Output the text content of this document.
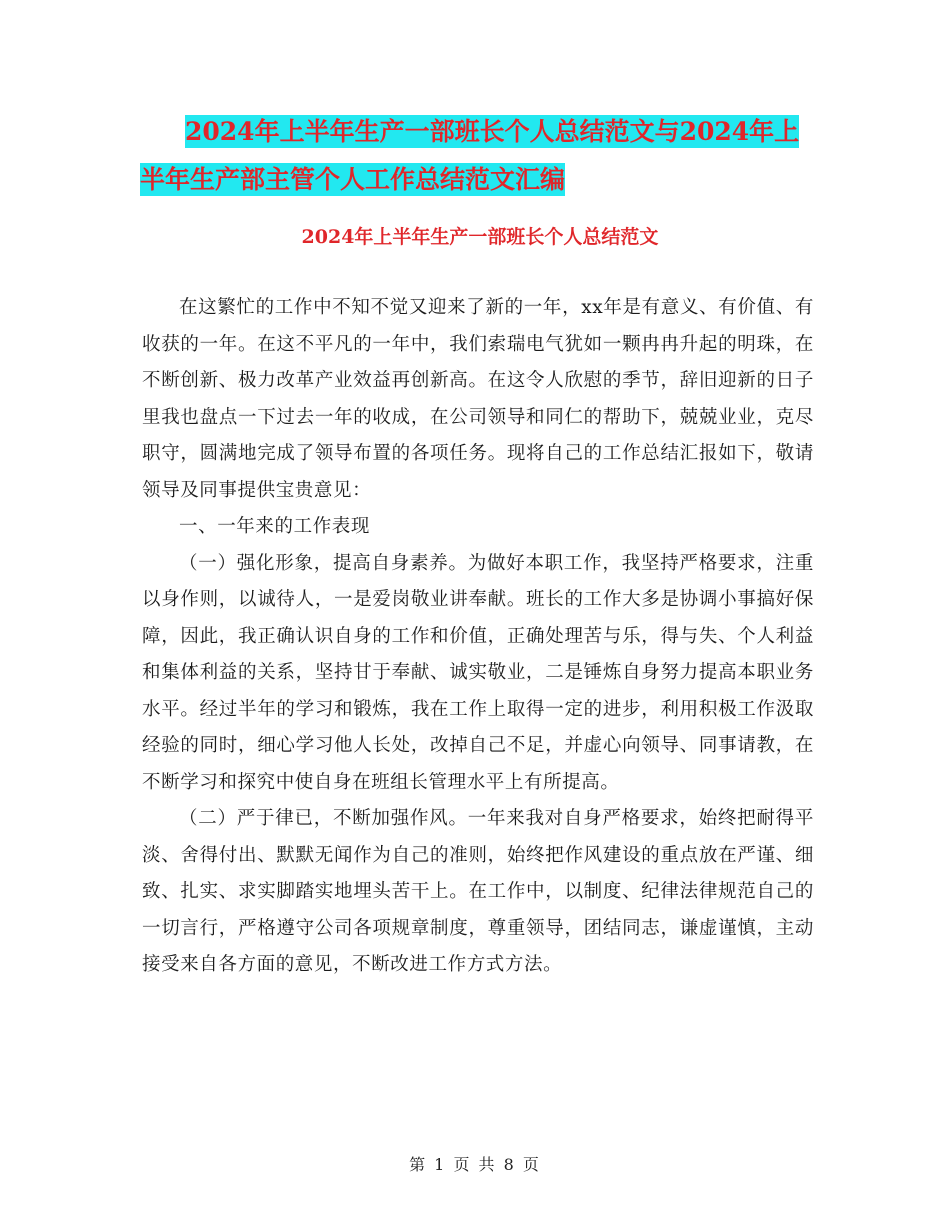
2024年上半年生产一部班长个人总结范文与2024年上
半年生产部主管个人工作总结范文汇编
2024年上半年生产一部班长个人总结范文

在这繁忙的工作中不知不觉又迎来了新的一年，xx年是有意义、有价值、有收获的一年。在这不平凡的一年中，我们索瑞电气犹如一颗冉冉升起的明珠，在不断创新、极力改革产业效益再创新高。在这令人欣慰的季节，辞旧迎新的日子里我也盘点一下过去一年的收成，在公司领导和同仁的帮助下，兢兢业业，克尽职守，圆满地完成了领导布置的各项任务。现将自己的工作总结汇报如下，敬请领导及同事提供宝贵意见：

一、一年来的工作表现

（一）强化形象，提高自身素养。为做好本职工作，我坚持严格要求，注重以身作则，以诚待人，一是爱岗敬业讲奉献。班长的工作大多是协调小事搞好保障，因此，我正确认识自身的工作和价值，正确处理苦与乐，得与失、个人利益和集体利益的关系，坚持甘于奉献、诚实敬业，二是锤炼自身努力提高本职业务水平。经过半年的学习和锻炼，我在工作上取得一定的进步，利用积极工作汲取经验的同时，细心学习他人长处，改掉自己不足，并虚心向领导、同事请教，在不断学习和探究中使自身在班组长管理水平上有所提高。

（二）严于律已，不断加强作风。一年来我对自身严格要求，始终把耐得平淡、舍得付出、默默无闻作为自己的准则，始终把作风建设的重点放在严谨、细致、扎实、求实脚踏实地埋头苦干上。在工作中，以制度、纪律法律规范自己的一切言行，严格遵守公司各项规章制度，尊重领导，团结同志，谦虚谨慎，主动接受来自各方面的意见，不断改进工作方式方法。

第 1 页 共 8 页
